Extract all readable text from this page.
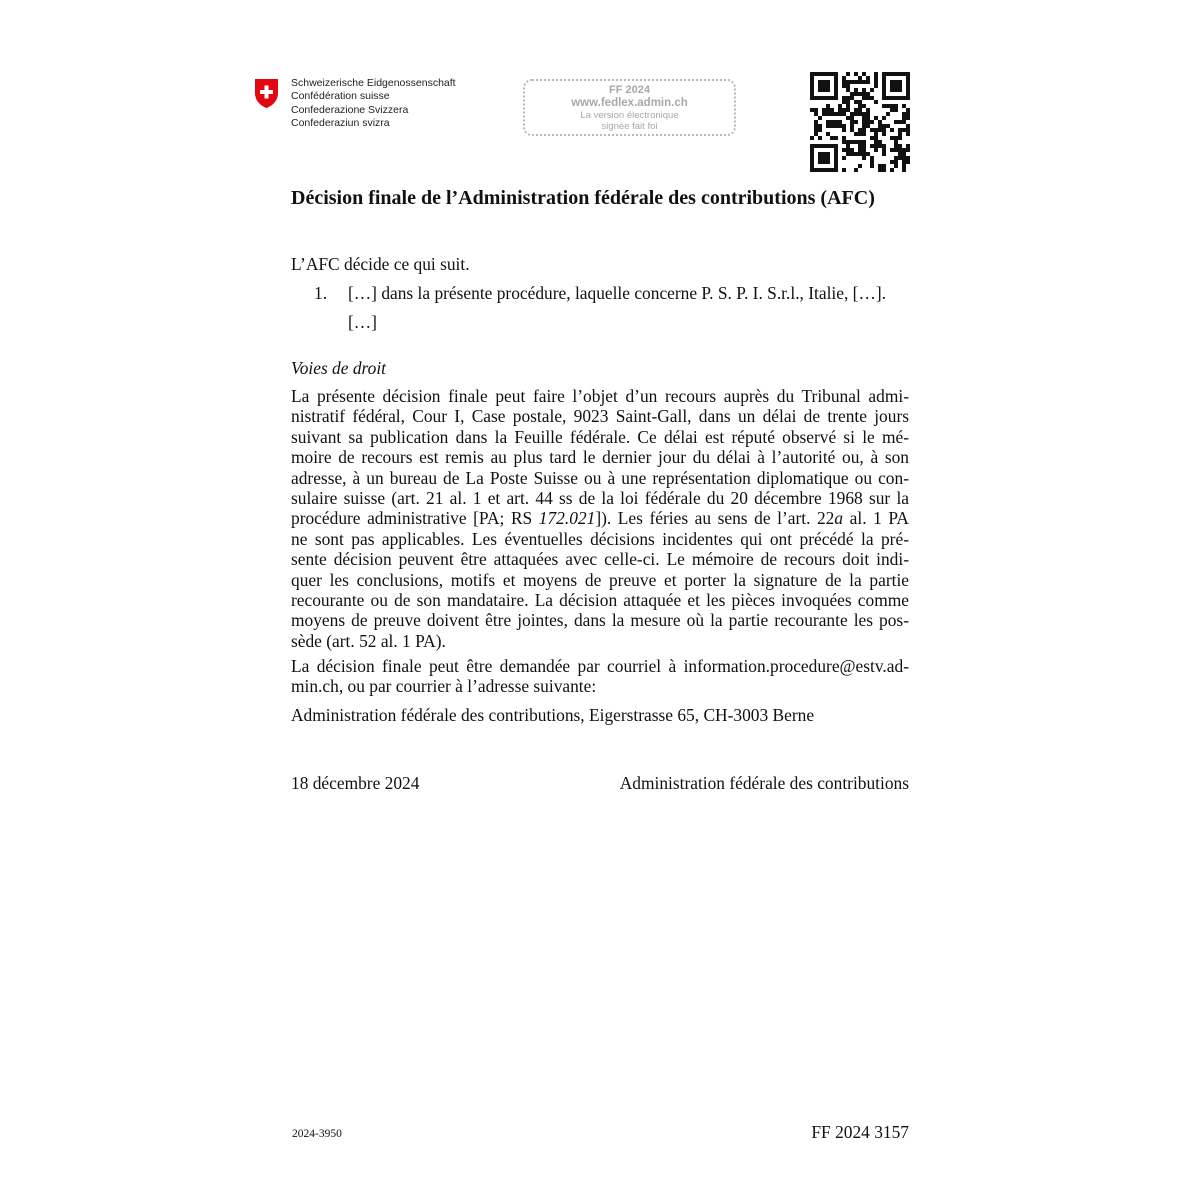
Schweizerische Eidgenossenschaft
Confédération suisse
Confederazione Svizzera
Confederaziun svizra
FF 2024
www.fedlex.admin.ch
La version électronique
signée fait foi
Décision finale de l’Administration fédérale des contributions (AFC)
L’AFC décide ce qui suit.
1. […] dans la présente procédure, laquelle concerne P. S. P. I. S.r.l., Italie, […].
[…]
Voies de droit
La présente décision finale peut faire l’objet d’un recours auprès du Tribunal admi-
nistratif fédéral, Cour I, Case postale, 9023 Saint-Gall, dans un délai de trente jours
suivant sa publication dans la Feuille fédérale. Ce délai est réputé observé si le mé-
moire de recours est remis au plus tard le dernier jour du délai à l’autorité ou, à son
adresse, à un bureau de La Poste Suisse ou à une représentation diplomatique ou con-
sulaire suisse (art. 21 al. 1 et art. 44 ss de la loi fédérale du 20 décembre 1968 sur la
procédure administrative [PA; RS 172.021]). Les féries au sens de l’art. 22a al. 1 PA
ne sont pas applicables. Les éventuelles décisions incidentes qui ont précédé la pré-
sente décision peuvent être attaquées avec celle-ci. Le mémoire de recours doit indi-
quer les conclusions, motifs et moyens de preuve et porter la signature de la partie
recourante ou de son mandataire. La décision attaquée et les pièces invoquées comme
moyens de preuve doivent être jointes, dans la mesure où la partie recourante les pos-
sède (art. 52 al. 1 PA).
La décision finale peut être demandée par courriel à information.procedure@estv.ad-
min.ch, ou par courrier à l’adresse suivante:
Administration fédérale des contributions, Eigerstrasse 65, CH-3003 Berne
18 décembre 2024	Administration fédérale des contributions
2024-3950	FF 2024 3157
